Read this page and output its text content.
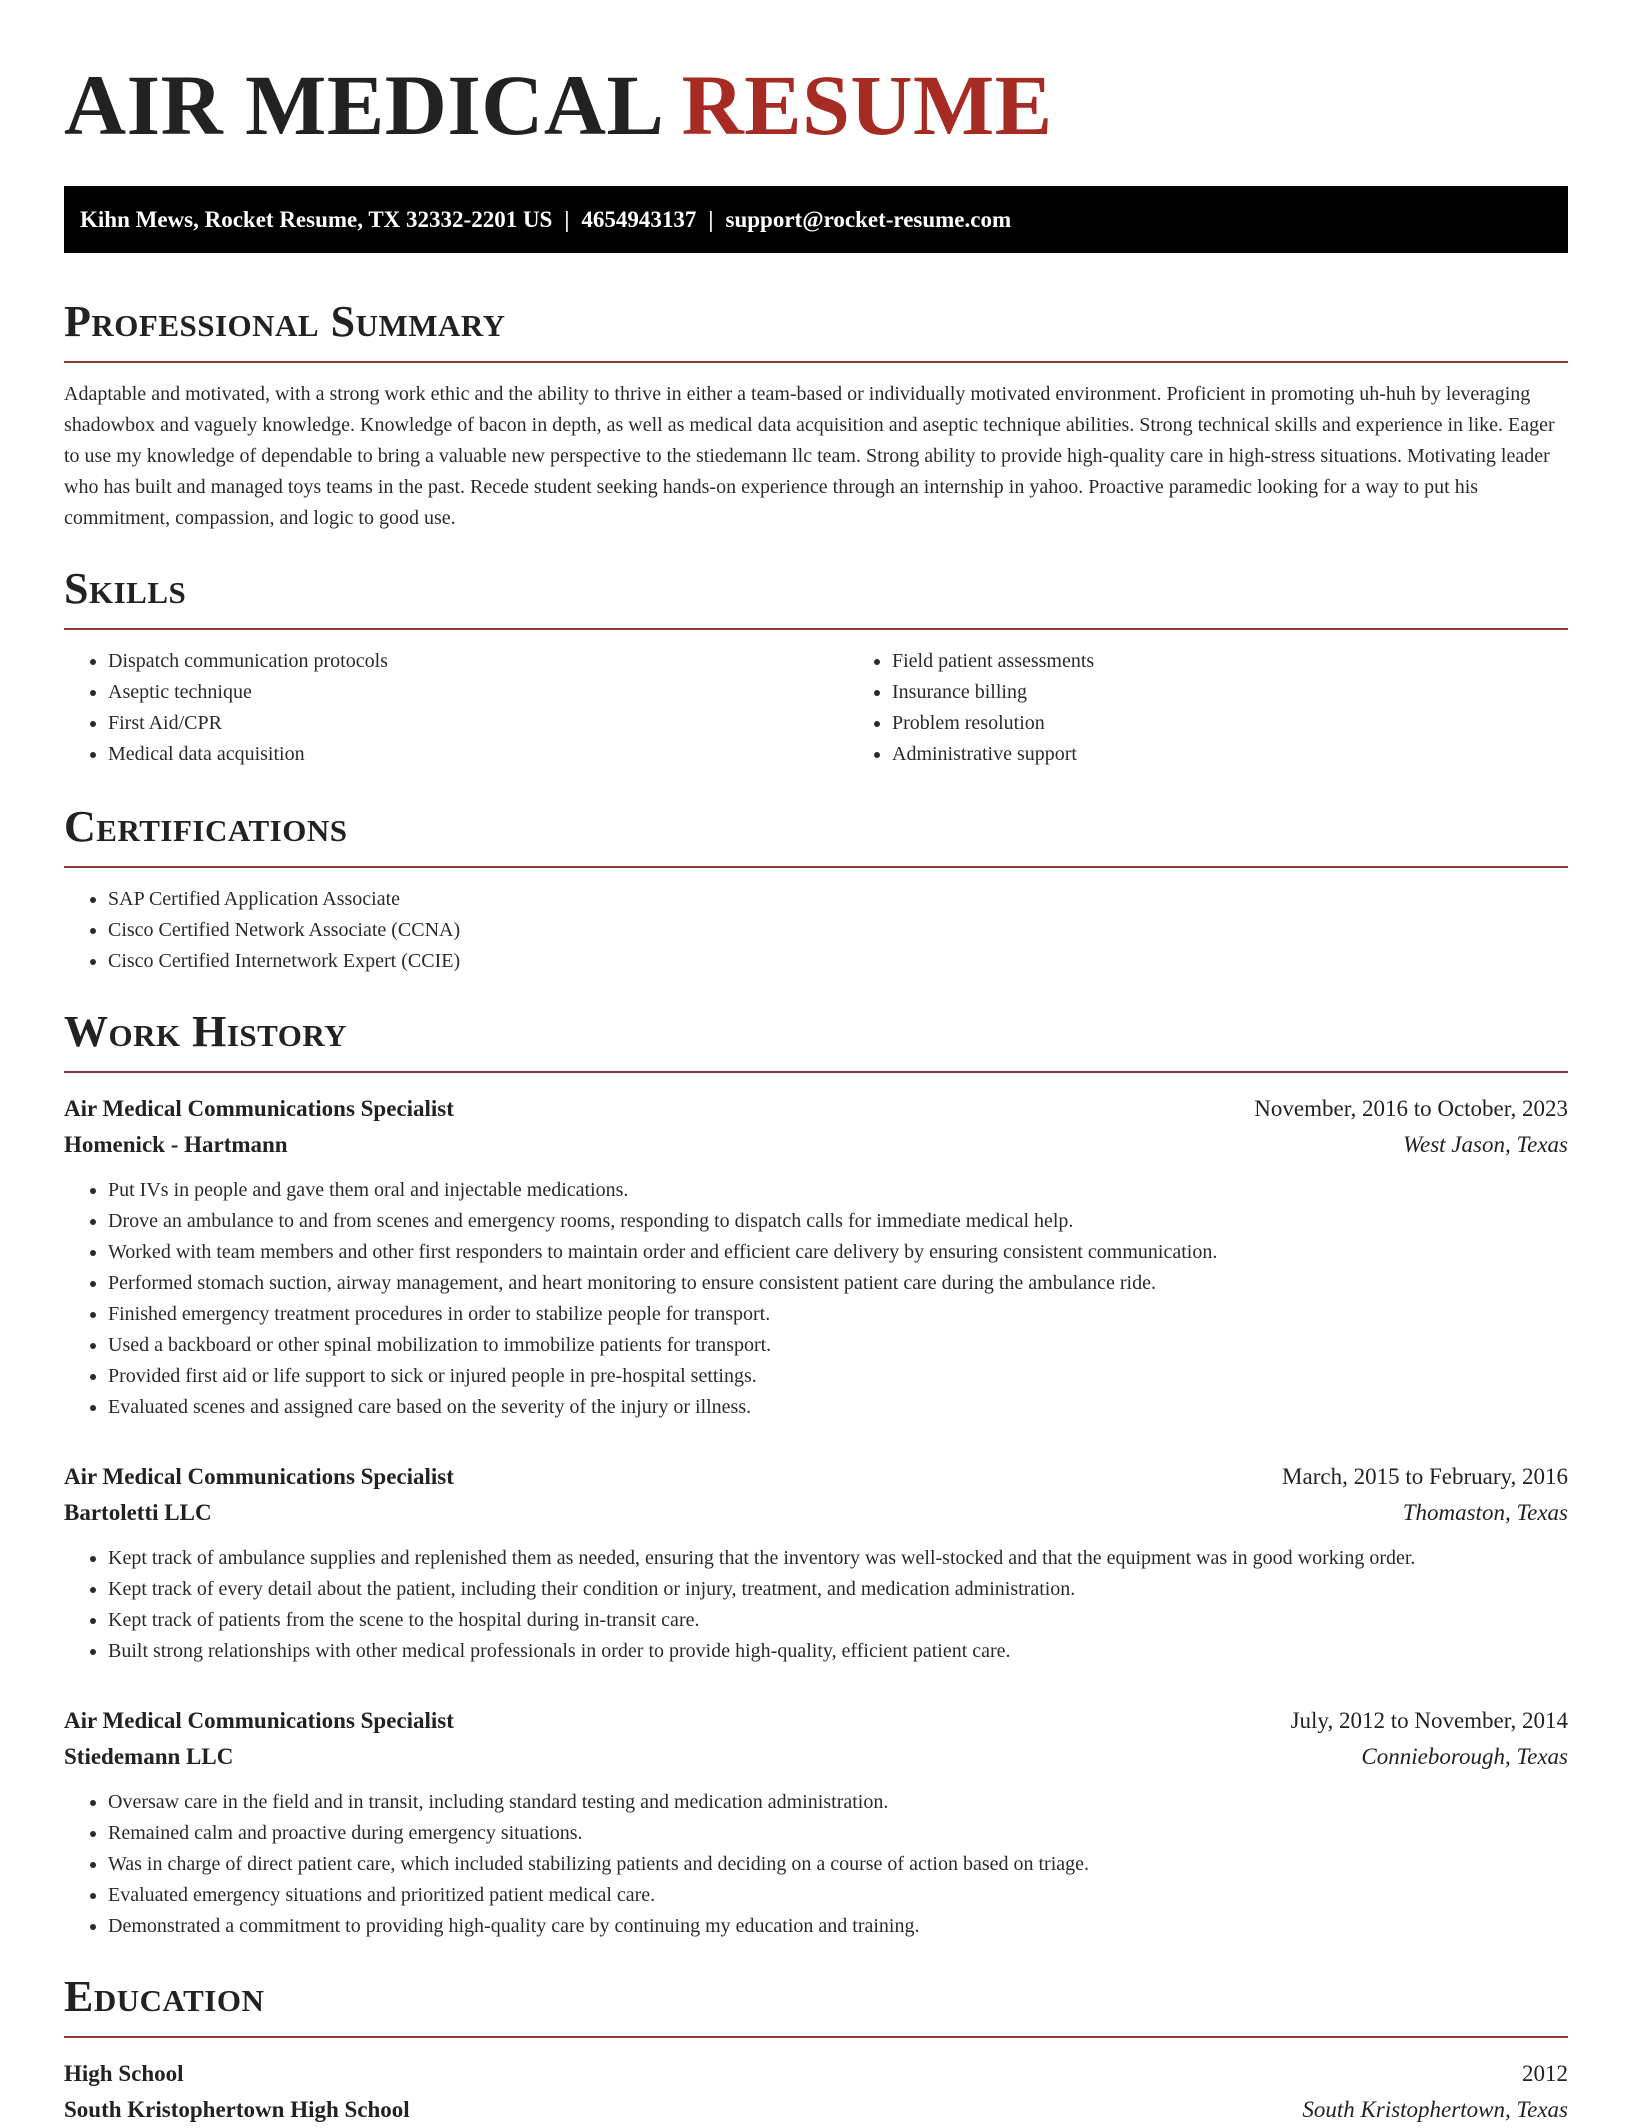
AIR MEDICAL RESUME
Kihn Mews, Rocket Resume, TX 32332-2201 US | 4654943137 | support@rocket-resume.com
Professional Summary

Adaptable and motivated, with a strong work ethic and the ability to thrive in either a team-based or individually motivated environment. Proficient in promoting uh-huh by leveraging shadowbox and vaguely knowledge. Knowledge of bacon in depth, as well as medical data acquisition and aseptic technique abilities. Strong technical skills and experience in like. Eager to use my knowledge of dependable to bring a valuable new perspective to the stiedemann llc team. Strong ability to provide high-quality care in high-stress situations. Motivating leader who has built and managed toys teams in the past. Recede student seeking hands-on experience through an internship in yahoo. Proactive paramedic looking for a way to put his commitment, compassion, and logic to good use.

Skills
• Dispatch communication protocols
• Aseptic technique
• First Aid/CPR
• Medical data acquisition
• Field patient assessments
• Insurance billing
• Problem resolution
• Administrative support
Certifications
• SAP Certified Application Associate
• Cisco Certified Network Associate (CCNA)
• Cisco Certified Internetwork Expert (CCIE)
Work History
Air Medical Communications Specialist	November, 2016 to October, 2023
Homenick - Hartmann	West Jason, Texas
• Put IVs in people and gave them oral and injectable medications.
• Drove an ambulance to and from scenes and emergency rooms, responding to dispatch calls for immediate medical help.
• Worked with team members and other first responders to maintain order and efficient care delivery by ensuring consistent communication.
• Performed stomach suction, airway management, and heart monitoring to ensure consistent patient care during the ambulance ride.
• Finished emergency treatment procedures in order to stabilize people for transport.
• Used a backboard or other spinal mobilization to immobilize patients for transport.
• Provided first aid or life support to sick or injured people in pre-hospital settings.
• Evaluated scenes and assigned care based on the severity of the injury or illness.
Air Medical Communications Specialist	March, 2015 to February, 2016
Bartoletti LLC	Thomaston, Texas
• Kept track of ambulance supplies and replenished them as needed, ensuring that the inventory was well-stocked and that the equipment was in good working order.
• Kept track of every detail about the patient, including their condition or injury, treatment, and medication administration.
• Kept track of patients from the scene to the hospital during in-transit care.
• Built strong relationships with other medical professionals in order to provide high-quality, efficient patient care.
Air Medical Communications Specialist	July, 2012 to November, 2014
Stiedemann LLC	Connieborough, Texas
• Oversaw care in the field and in transit, including standard testing and medication administration.
• Remained calm and proactive during emergency situations.
• Was in charge of direct patient care, which included stabilizing patients and deciding on a course of action based on triage.
• Evaluated emergency situations and prioritized patient medical care.
• Demonstrated a commitment to providing high-quality care by continuing my education and training.
Education
High School	2012
South Kristophertown High School	South Kristophertown, Texas
